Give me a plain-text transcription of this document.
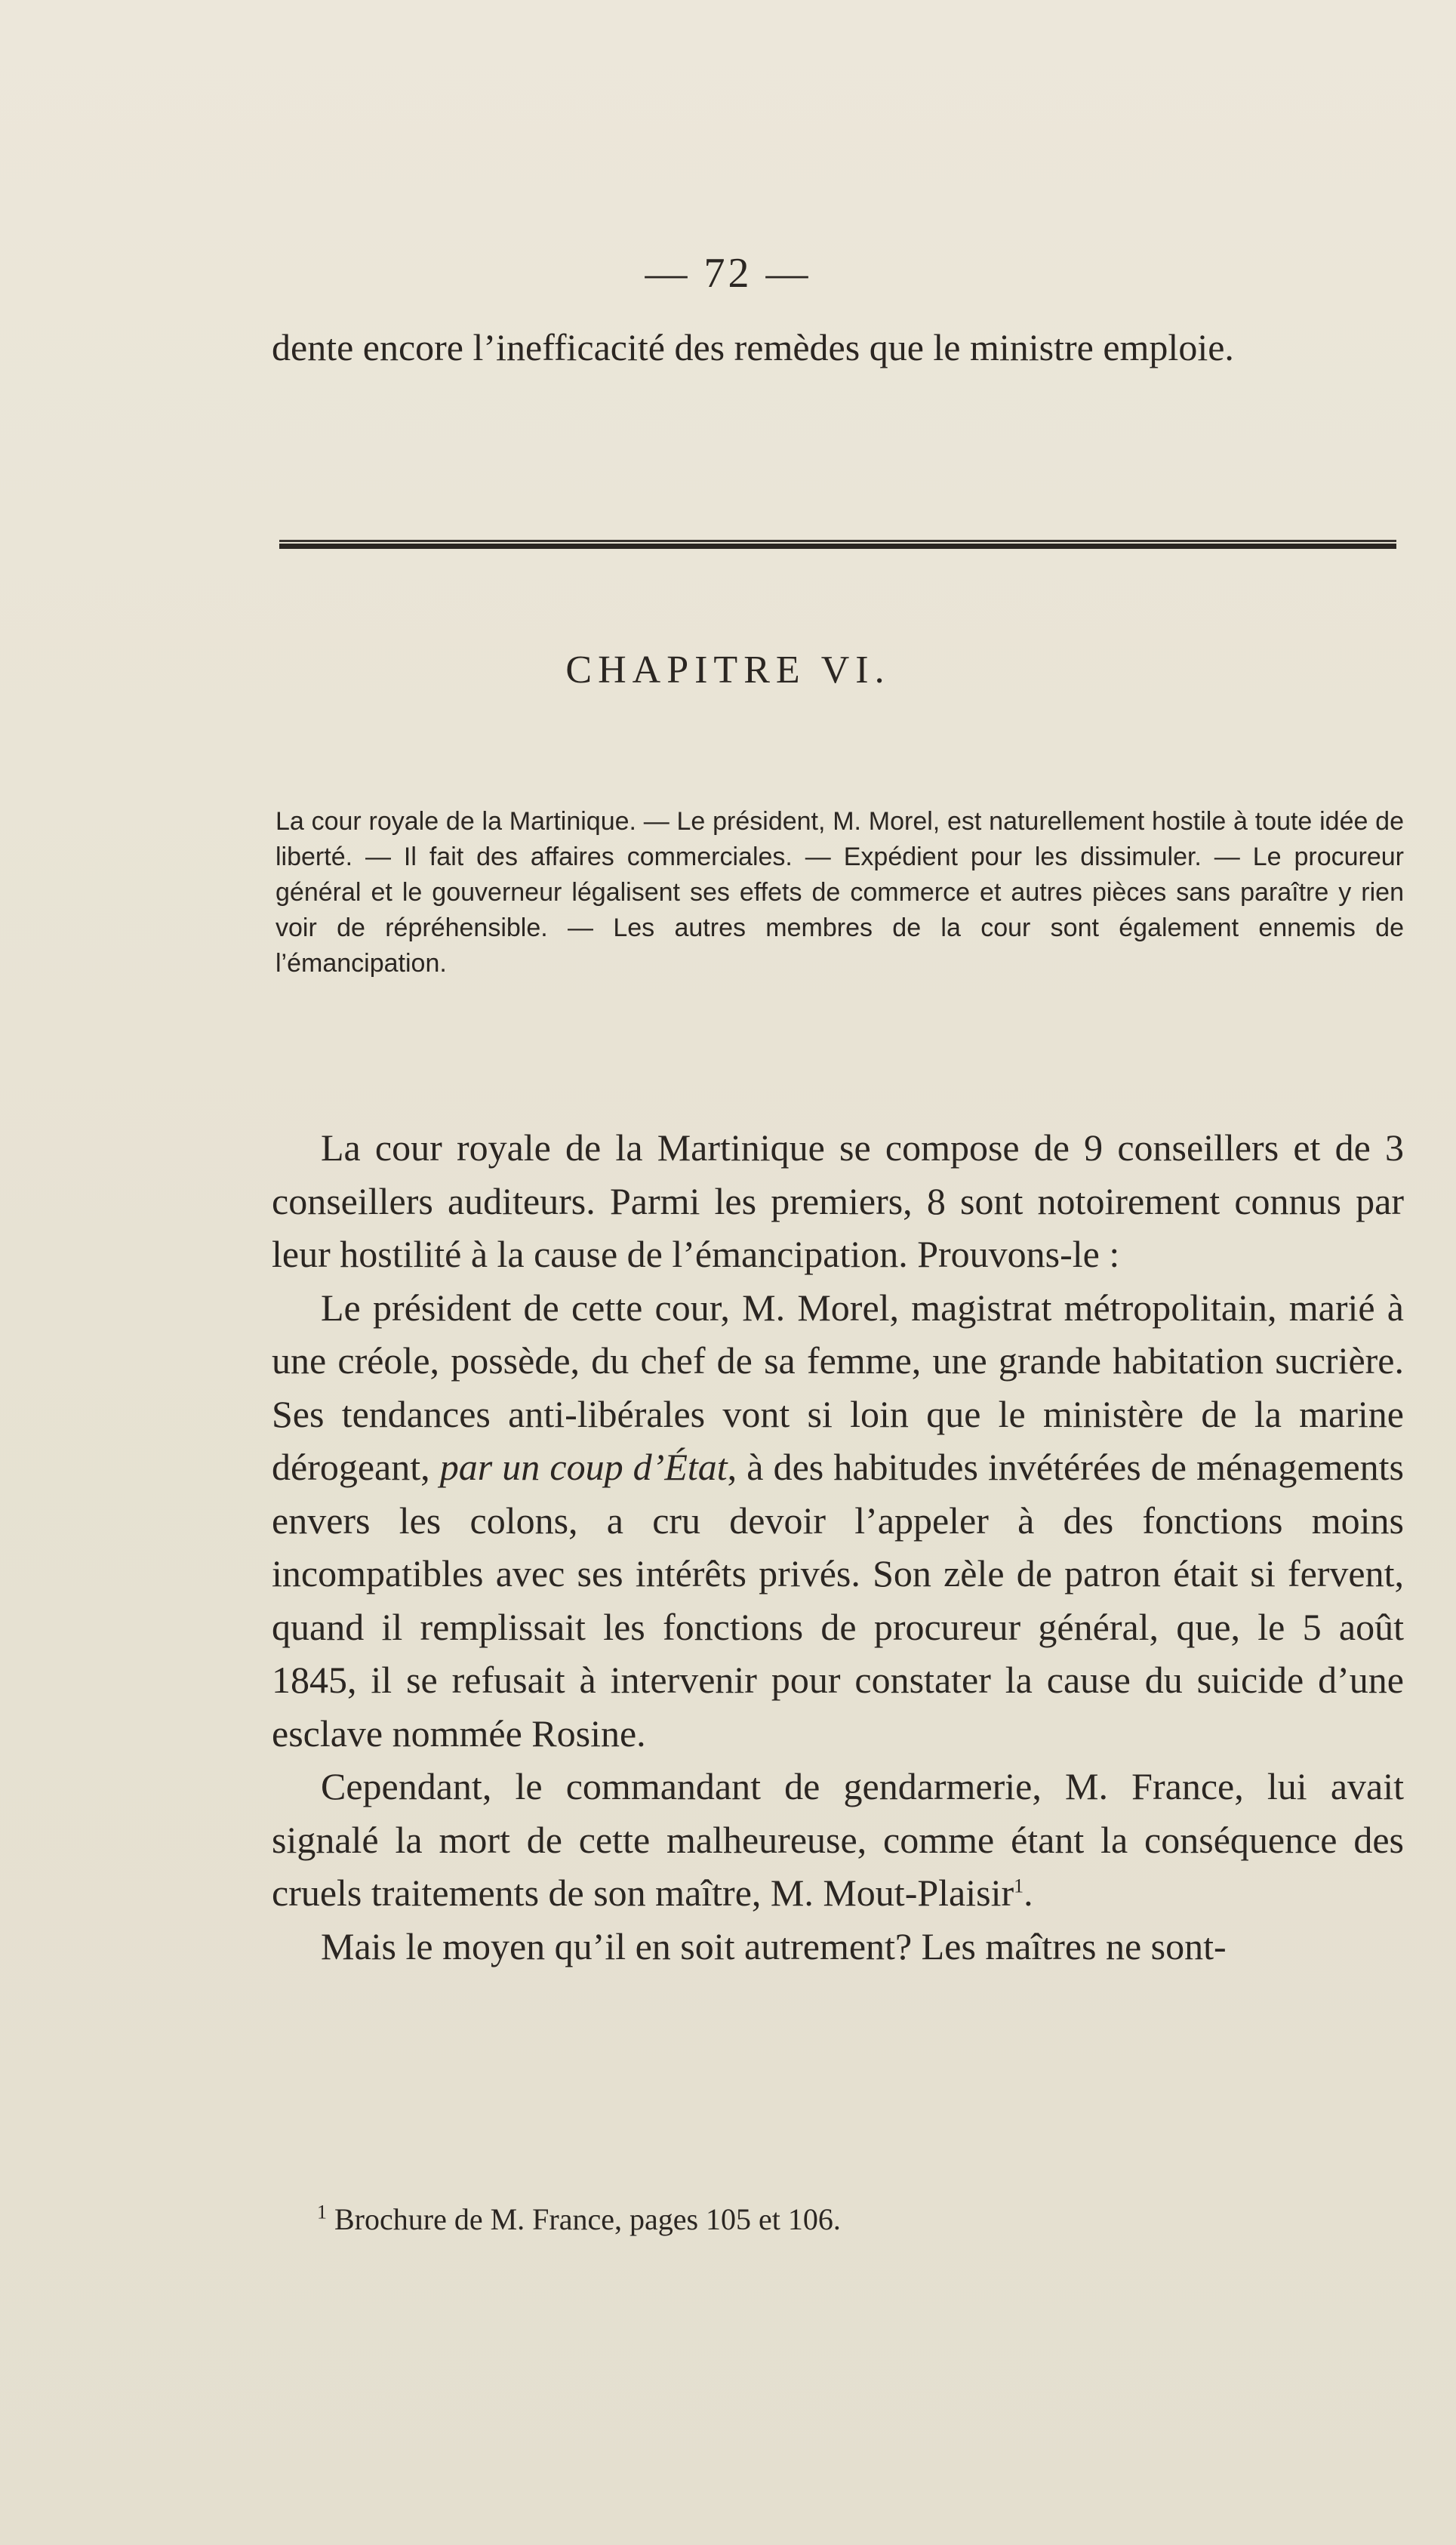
— 72 —
dente encore l’inefficacité des remèdes que le ministre emploie.
CHAPITRE VI.
La cour royale de la Martinique. — Le président, M. Morel, est naturellement hostile à toute idée de liberté. — Il fait des affaires commerciales. — Expédient pour les dissimuler. — Le procureur général et le gouverneur légalisent ses effets de commerce et autres pièces sans paraître y rien voir de répréhensible. — Les autres membres de la cour sont également ennemis de l’émancipation.

La cour royale de la Martinique se compose de 9 conseillers et de 3 conseillers auditeurs. Parmi les premiers, 8 sont notoirement connus par leur hostilité à la cause de l’émancipation. Prouvons-le :

Le président de cette cour, M. Morel, magistrat métropolitain, marié à une créole, possède, du chef de sa femme, une grande habitation sucrière. Ses tendances anti-libérales vont si loin que le ministère de la marine dérogeant, par un coup d’État, à des habitudes invétérées de ménagements envers les colons, a cru devoir l’appeler à des fonctions moins incompatibles avec ses intérêts privés. Son zèle de patron était si fervent, quand il remplissait les fonctions de procureur général, que, le 5 août 1845, il se refusait à intervenir pour constater la cause du suicide d’une esclave nommée Rosine.

Cependant, le commandant de gendarmerie, M. France, lui avait signalé la mort de cette malheureuse, comme étant la conséquence des cruels traitements de son maître, M. Mout-Plaisir$^1$.

Mais le moyen qu’il en soit autrement? Les maîtres ne sont-

$^1$ Brochure de M. France, pages 105 et 106.
